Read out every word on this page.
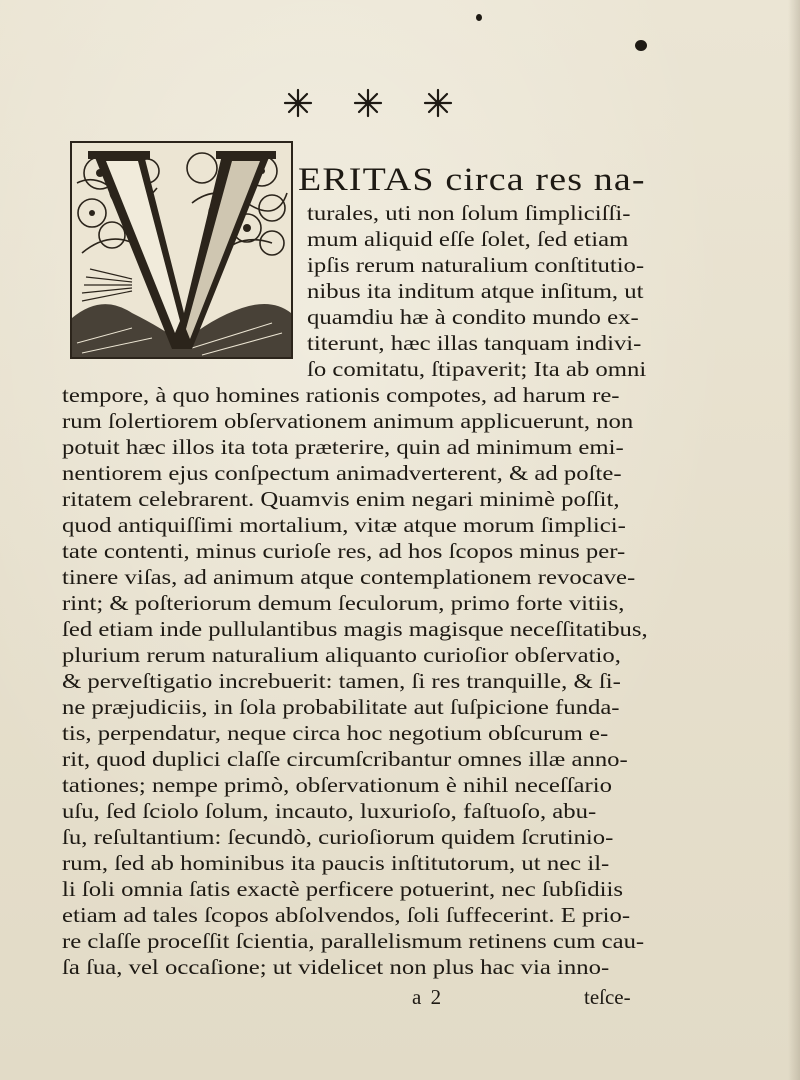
ERITAS circa res na-
turales, uti non ſolum ſimpliciſſi-
mum aliquid eſſe ſolet, ſed etiam
ipſis rerum naturalium conſtitutio-
nibus ita inditum atque inſitum, ut
quamdiu hæ à condito mundo ex-
titerunt, hæc illas tanquam indivi-
ſo comitatu, ſtipaverit; Ita ab omni
tempore, à quo homines rationis compotes, ad harum re-
rum ſolertiorem obſervationem animum applicuerunt, non
potuit hæc illos ita tota præterire, quin ad minimum emi-
nentiorem ejus conſpectum animadverterent, & ad poſte-
ritatem celebrarent. Quamvis enim negari minimè poſſit,
quod antiquiſſimi mortalium, vitæ atque morum ſimplici-
tate contenti, minus curioſe res, ad hos ſcopos minus per-
tinere viſas, ad animum atque contemplationem revocave-
rint; & poſteriorum demum ſeculorum, primo forte vitiis,
ſed etiam inde pullulantibus magis magisque neceſſitatibus,
plurium rerum naturalium aliquanto curioſior obſervatio,
& perveſtigatio increbuerit: tamen, ſi res tranquille, & ſi-
ne præjudiciis, in ſola probabilitate aut ſuſpicione funda-
tis, perpendatur, neque circa hoc negotium obſcurum e-
rit, quod duplici claſſe circumſcribantur omnes illæ anno-
tationes; nempe primò, obſervationum è nihil neceſſario
uſu, ſed ſciolo ſolum, incauto, luxurioſo, faſtuoſo, abu-
ſu, reſultantium: ſecundò, curioſiorum quidem ſcrutinio-
rum, ſed ab hominibus ita paucis inſtitutorum, ut nec il-
li ſoli omnia ſatis exactè perficere potuerint, nec ſubſidiis
etiam ad tales ſcopos abſolvendos, ſoli ſuffecerint. E prio-
re claſſe proceſſit ſcientia, parallelismum retinens cum cau-
ſa ſua, vel occaſione; ut videlicet non plus hac via inno-
a 2	teſce-
